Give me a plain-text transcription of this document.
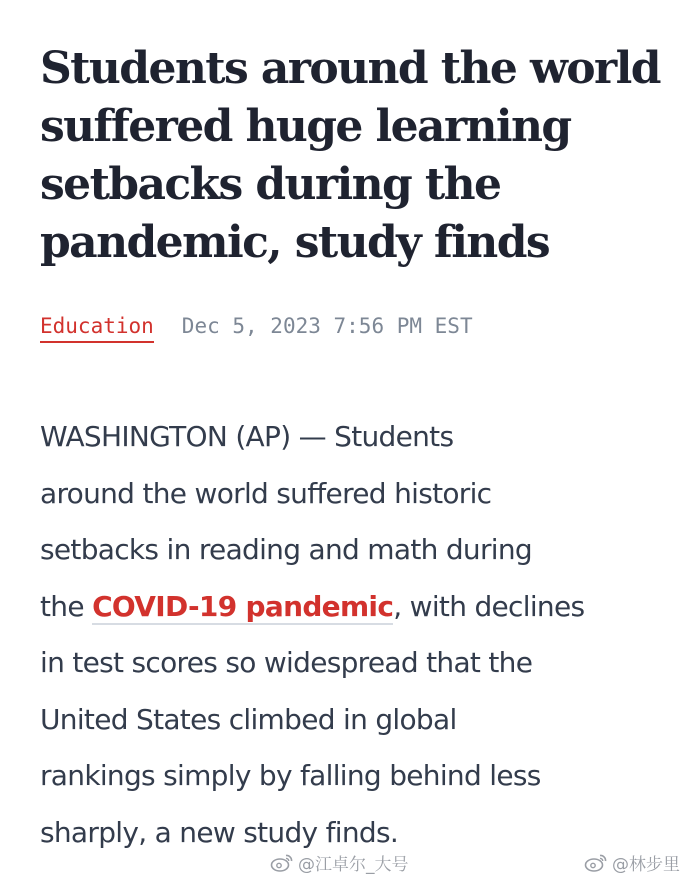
Students around the world
suffered huge learning
setbacks during the
pandemic, study finds
Education Dec 5, 2023 7:56 PM EST

WASHINGTON (AP) — Students
around the world suffered historic
setbacks in reading and math during
the COVID-19 pandemic, with declines
in test scores so widespread that the
United States climbed in global
rankings simply by falling behind less
sharply, a new study finds.

@江卓尔_大号	@林步里
